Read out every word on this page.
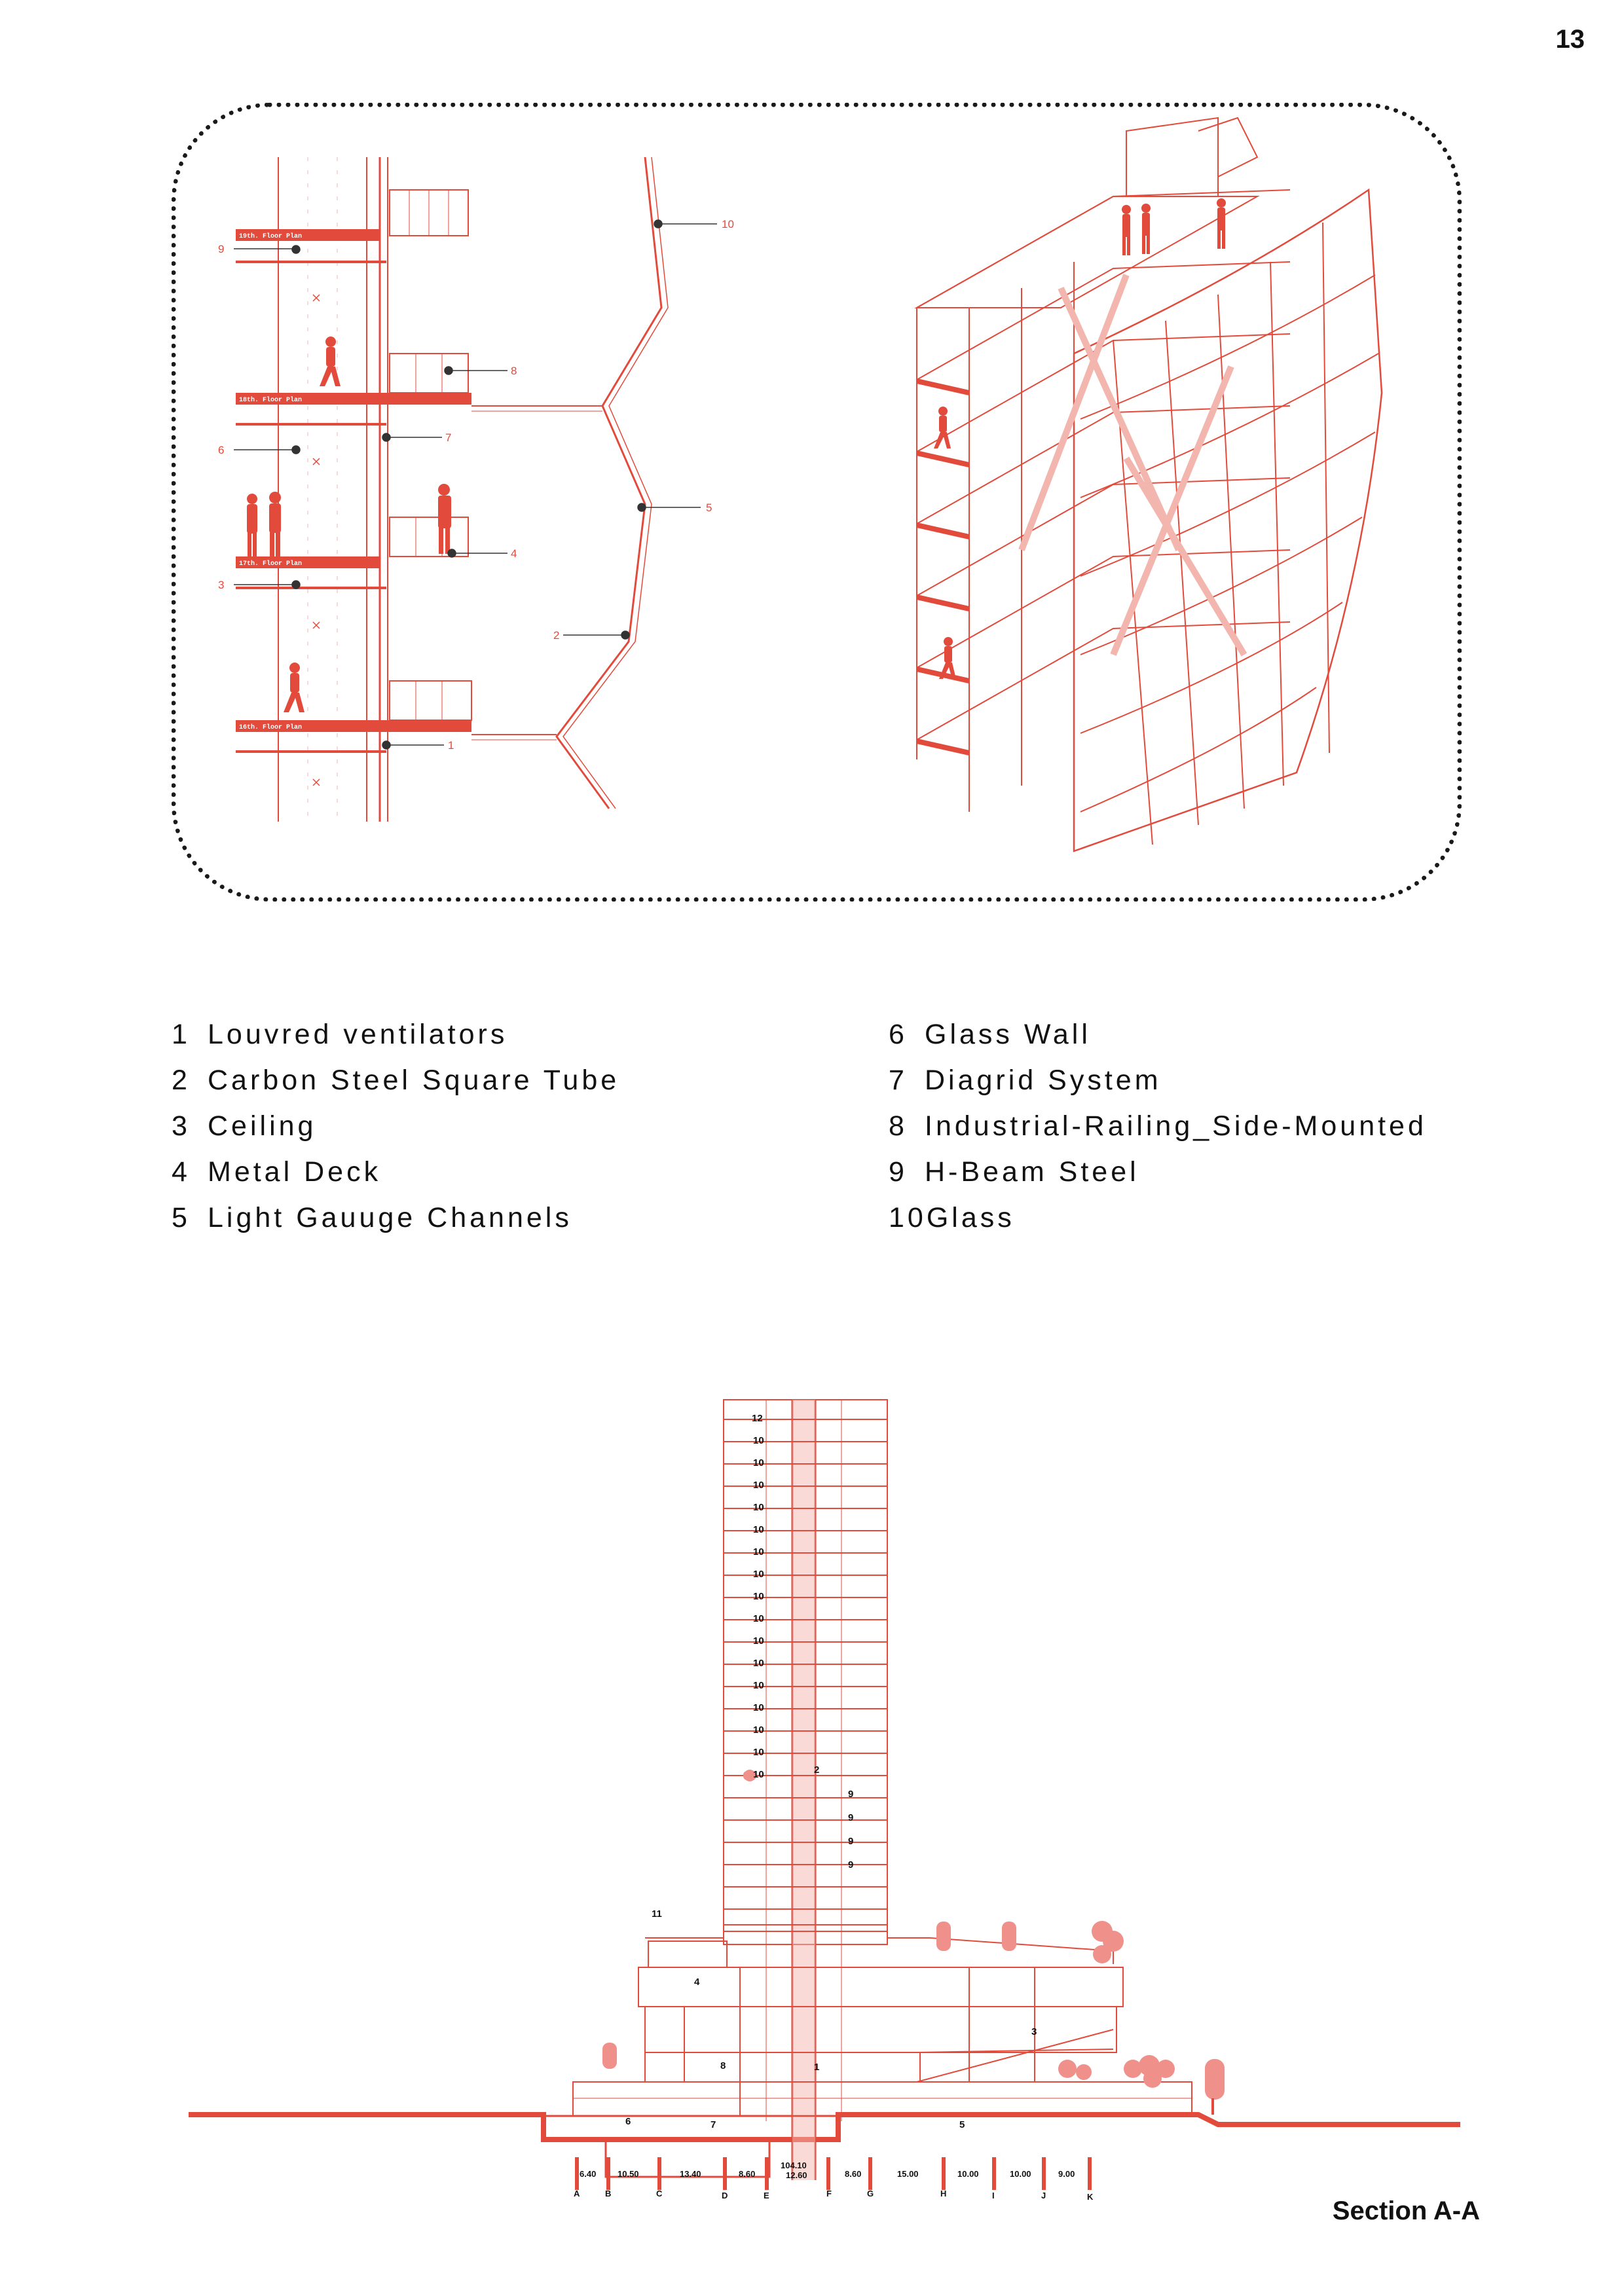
13
19th. Floor Plan
18th. Floor Plan
17th. Floor Plan
16th. Floor Plan
10
9
8
7
6
5
4
3
2
1
12
10
10
10
10
10
10
10
10
10
10
10
10
10
10
10
10	2
9
9
9
9
11
4
3
8	1
6	7	5
6.40	10.50	13.40	8.60
104.10
12.60	8.60	15.00	10.00	10.00	9.00
A	B	C	D	E	F	G	H	I	J	K
1 Louvred ventilators
2 Carbon Steel Square Tube
3 Ceiling
4 Metal Deck
5 Light Gauuge Channels
6 Glass Wall
7 Diagrid System
8 Industrial-Railing_Side-Mounted
9 H-Beam Steel
10Glass
Section A-A
